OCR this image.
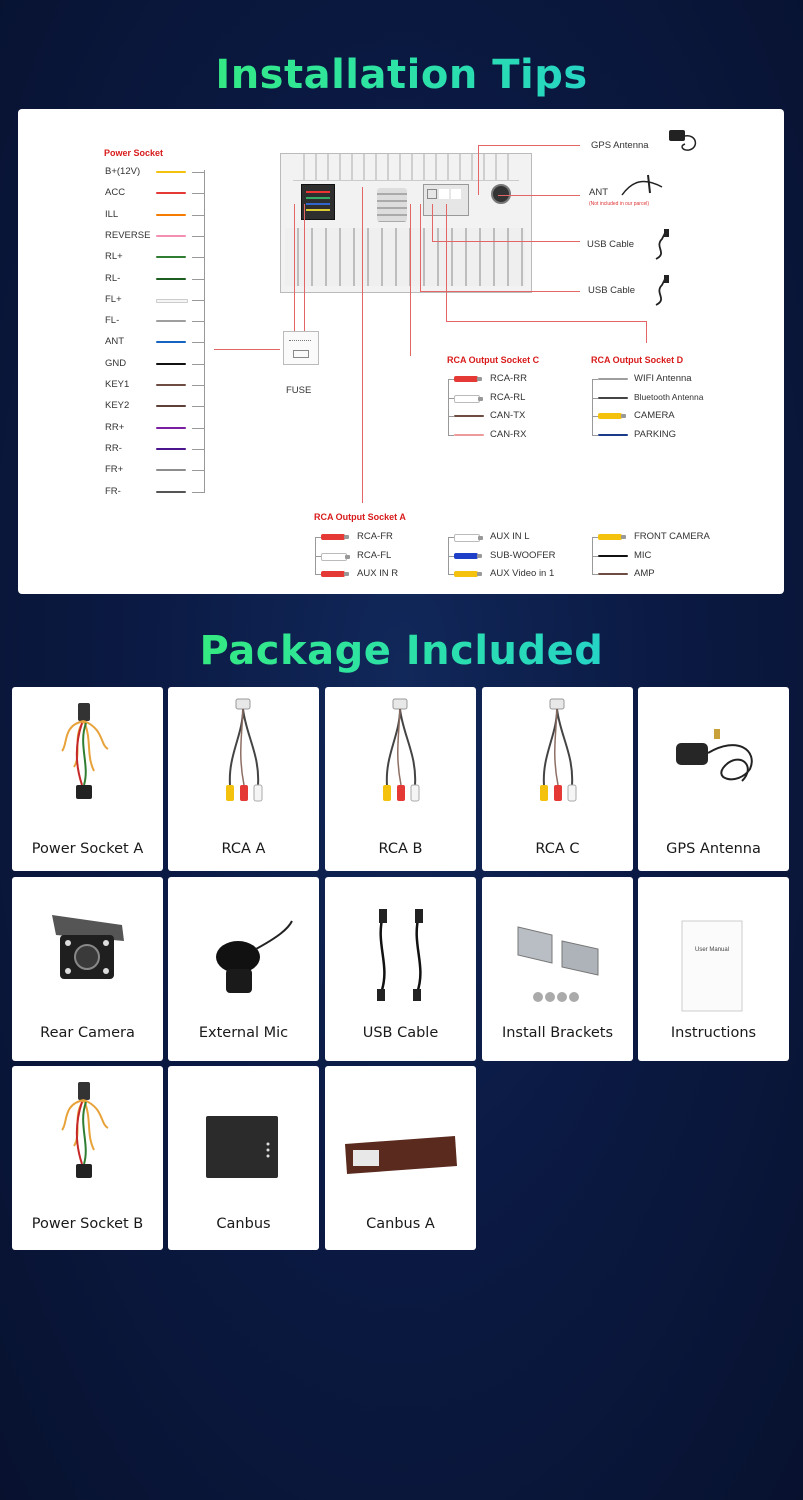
Installation Tips
Power Socket
FUSE
GPS Antenna
ANT
(Not included in our parcel)
USB Cable
USB Cable
RCA Output Socket C	RCA Output Socket D
RCA Output Socket A
B+(12V)
ACC
ILL
REVERSE
RL+
RL-
FL+
FL-
ANT
GND
KEY1
KEY2
RR+
RR-
FR+
FR-
RCA-RR
RCA-RL
CAN-TX
CAN-RX
WIFI Antenna
Bluetooth Antenna
CAMERA
PARKING
RCA-FR
RCA-FL
AUX IN R
AUX IN L
SUB-WOOFER
AUX Video in 1
FRONT CAMERA
MIC
AMP
Package Included
Power Socket A	RCA A	RCA B	RCA C	GPS Antenna
Rear Camera	External Mic	USB Cable	Install Brackets
User Manual
Instructions
Power Socket B	Canbus	Canbus A
